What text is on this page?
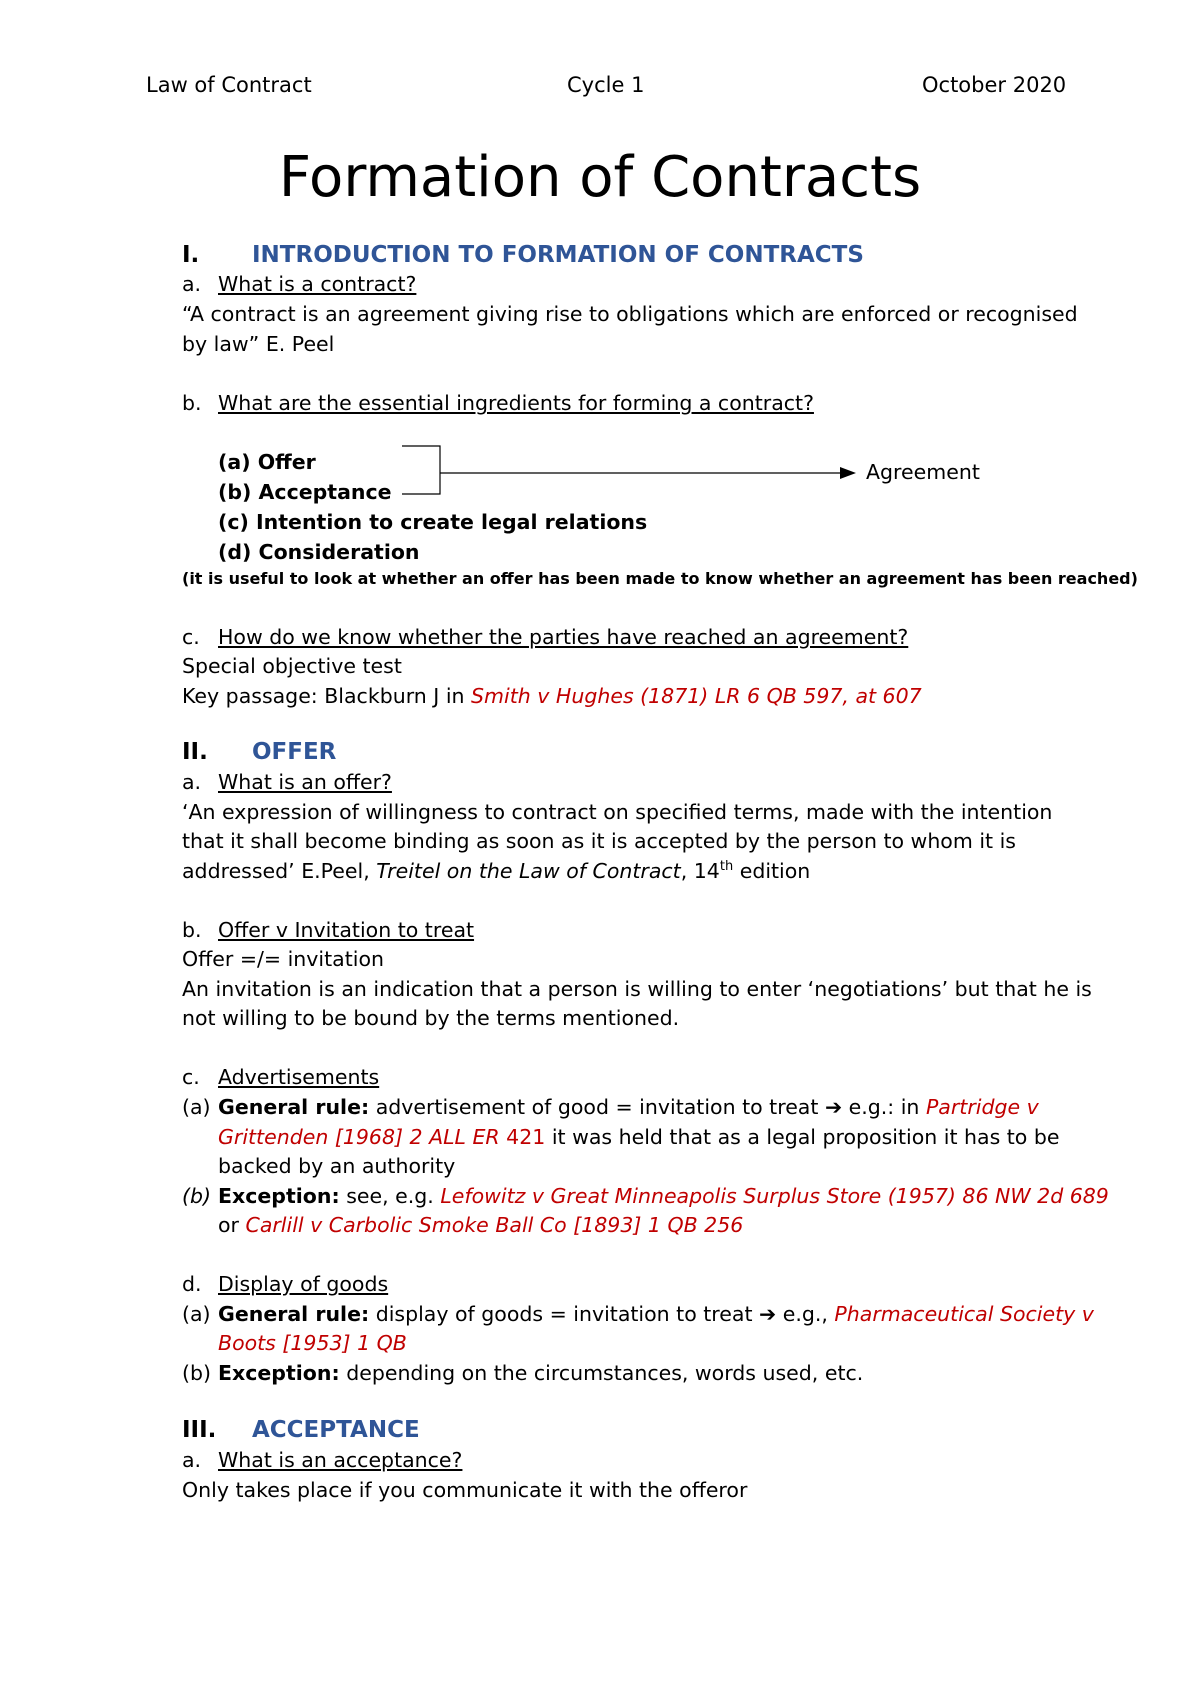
Law of Contract	Cycle 1	October 2020
Formation of Contracts
I. INTRODUCTION TO FORMATION OF CONTRACTS
a. What is a contract?
“A contract is an agreement giving rise to obligations which are enforced or recognised
by law” E. Peel
b. What are the essential ingredients for forming a contract?
(a) Offer
(b) Acceptance
(c) Intention to create legal relations
(d) Consideration
Agreement
(it is useful to look at whether an offer has been made to know whether an agreement has been reached)
c. How do we know whether the parties have reached an agreement?
Special objective test
Key passage: Blackburn J in Smith v Hughes (1871) LR 6 QB 597, at 607
II. OFFER
a. What is an offer?
‘An expression of willingness to contract on specified terms, made with the intention
that it shall become binding as soon as it is accepted by the person to whom it is
addressed’ E.Peel, Treitel on the Law of Contract, 14th edition
b. Offer v Invitation to treat
Offer =/= invitation
An invitation is an indication that a person is willing to enter ‘negotiations’ but that he is
not willing to be bound by the terms mentioned.
c. Advertisements
(a) General rule: advertisement of good = invitation to treat ➔ e.g.: in Partridge v
Grittenden [1968] 2 ALL ER 421 it was held that as a legal proposition it has to be
backed by an authority
(b) Exception: see, e.g. Lefowitz v Great Minneapolis Surplus Store (1957) 86 NW 2d 689
or Carlill v Carbolic Smoke Ball Co [1893] 1 QB 256
d. Display of goods
(a) General rule: display of goods = invitation to treat ➔ e.g., Pharmaceutical Society v
Boots [1953] 1 QB
(b) Exception: depending on the circumstances, words used, etc.
III. ACCEPTANCE
a. What is an acceptance?
Only takes place if you communicate it with the offeror
